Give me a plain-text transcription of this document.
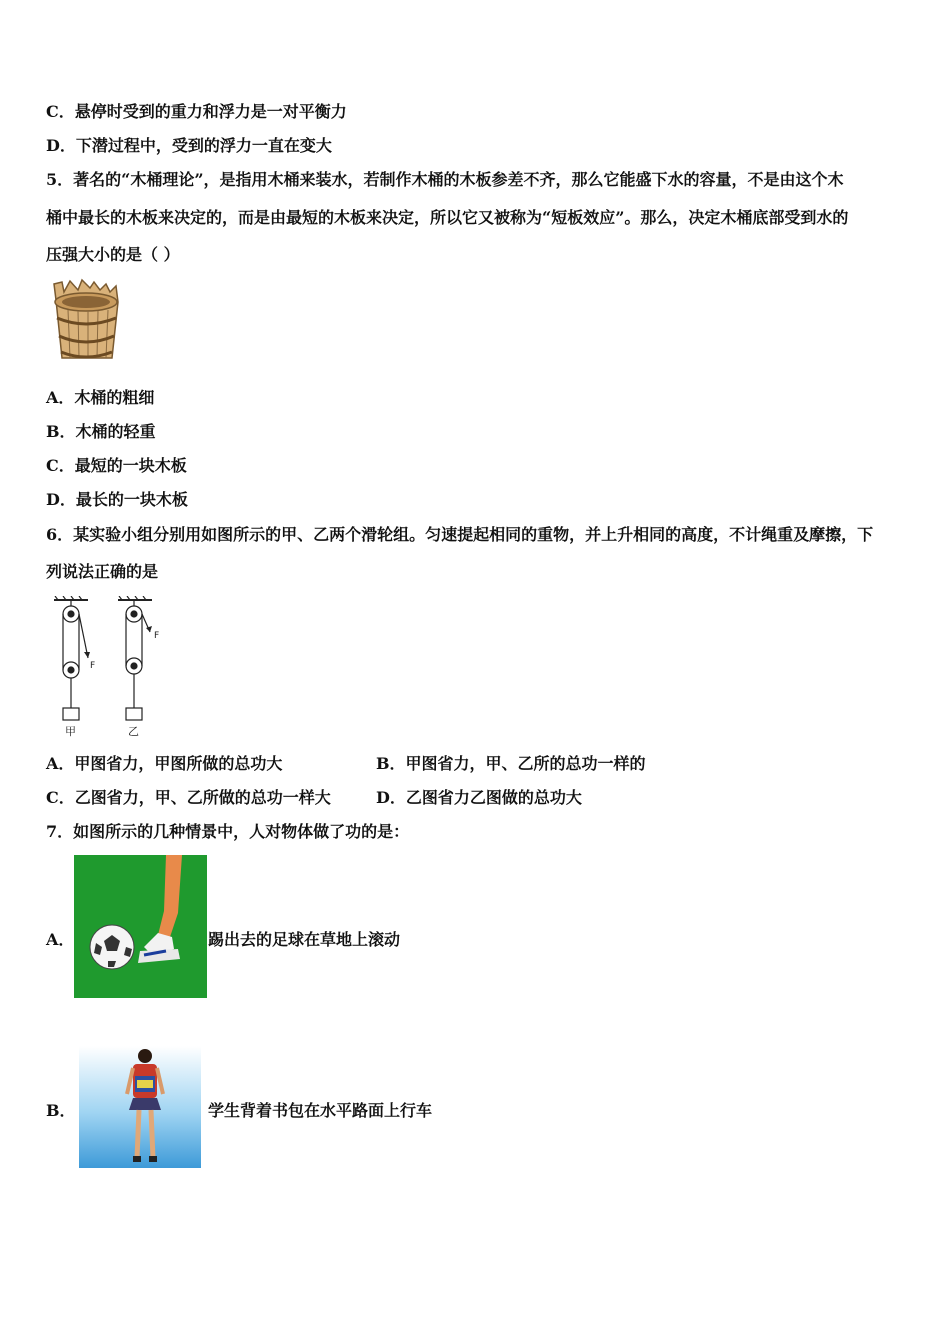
C．悬停时受到的重力和浮力是一对平衡力
D．下潜过程中，受到的浮力一直在变大
5．著名的“木桶理论”，是指用木桶来装水，若制作木桶的木板参差不齐，那么它能盛下水的容量，不是由这个木
桶中最长的木板来决定的，而是由最短的木板来决定，所以它又被称为“短板效应”。那么，决定木桶底部受到水的
压强大小的是（ ）
A．木桶的粗细
B．木桶的轻重
C．最短的一块木板
D．最长的一块木板
6．某实验小组分别用如图所示的甲、乙两个滑轮组。匀速提起相同的重物，并上升相同的高度，不计绳重及摩擦，下
列说法正确的是
F
F
甲	乙
A．甲图省力，甲图所做的总功大	B．甲图省力，甲、乙所的总功一样的
C．乙图省力，甲、乙所做的总功一样大	D．乙图省力乙图做的总功大
7．如图所示的几种情景中，人对物体做了功的是：
A．	踢出去的足球在草地上滚动
B．	学生背着书包在水平路面上行车
